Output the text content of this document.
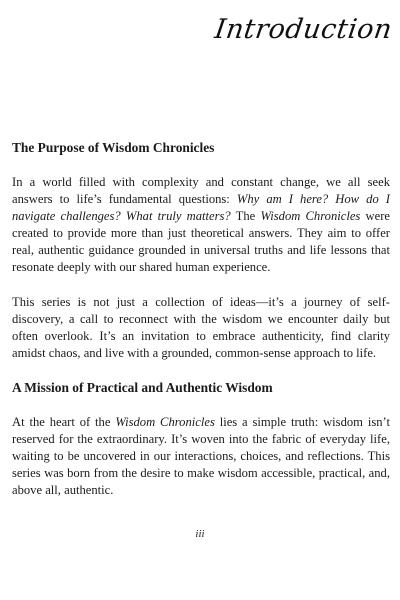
Introduction
The Purpose of Wisdom Chronicles

In a world filled with complexity and constant change, we all seek answers to life’s fundamental questions: Why am I here? How do I navigate challenges? What truly matters? The Wisdom Chronicles were created to provide more than just theoretical answers. They aim to offer real, authentic guidance grounded in universal truths and life lessons that resonate deeply with our shared human experience.

This series is not just a collection of ideas—it’s a journey of self-discovery, a call to reconnect with the wisdom we encounter daily but often overlook. It’s an invitation to embrace authenticity, find clarity amidst chaos, and live with a grounded, common-sense approach to life.

A Mission of Practical and Authentic Wisdom

At the heart of the Wisdom Chronicles lies a simple truth: wisdom isn’t reserved for the extraordinary. It’s woven into the fabric of everyday life, waiting to be uncovered in our interactions, choices, and reflections. This series was born from the desire to make wisdom accessible, practical, and, above all, authentic.

iii
